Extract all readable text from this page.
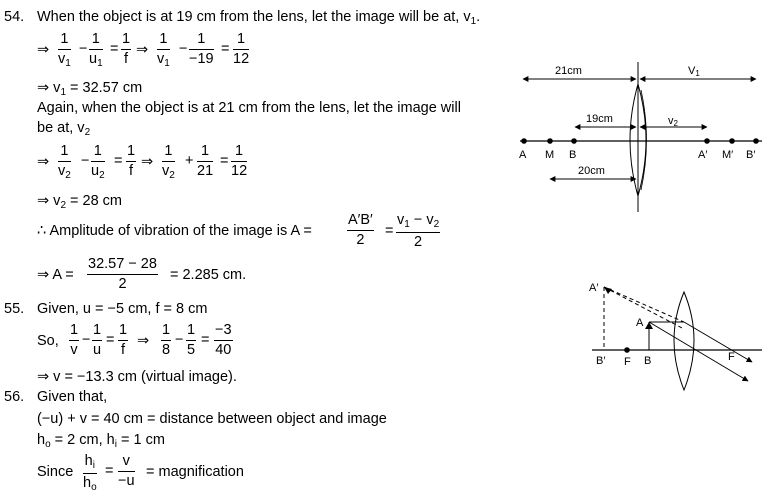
54. When the object is at 19 cm from the lens, let the image will be at, $v_1$.
⇒
1
$v_1$
−
1
$u_1$
=
1
f
⇒
1
$v_1$
−
1
−19
=
1
12
⇒ $v_1 = 32.57$ cm
Again, when the object is at 21 cm from the lens, let the image will
be at, $v_2$
⇒
1
$v_2$
−
1
$u_2$
=
1
f
⇒
1
$v_2$
+
1
21
=
1
12
⇒ $v_2 = 28$ cm
∴ Amplitude of vibration of the image is A =
A′B′
2
=
$v_1 - v_2$
2
⇒ A =
32.57 − 28
2
= 2.285 cm.
55. Given, u = −5 cm, f = 8 cm
So,
1
v
−
1
u
=
1
f
⇒
1
8
−
1
5
=
−3
40
⇒ v = −13.3 cm (virtual image).
56. Given that,
(−u) + v = 40 cm = distance between object and image
$h_o = 2$ cm, $h_i = 1$ cm
Since
$h_i$
$h_o$
=
v
−u
= magnification
21cm	$V_1$
19cm	$v_2$
20cm
A M B	A′ M′ B′
A′
A
B′ F B	F
